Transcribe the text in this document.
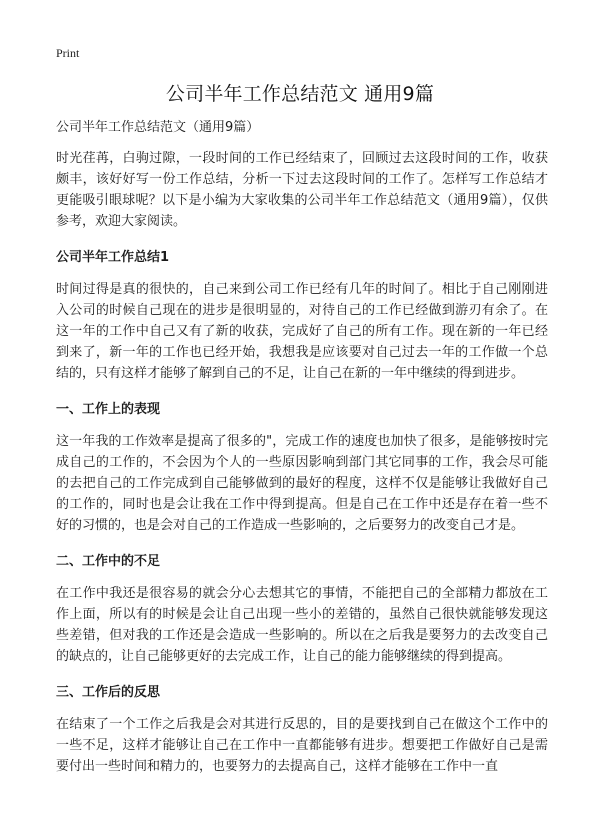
Print
公司半年工作总结范文 通用9篇
公司半年工作总结范文（通用9篇）

时光荏苒，白驹过隙，一段时间的工作已经结束了，回顾过去这段时间的工作，收获颇丰，该好好写一份工作总结，分析一下过去这段时间的工作了。怎样写工作总结才更能吸引眼球呢？以下是小编为大家收集的公司半年工作总结范文（通用9篇），仅供参考，欢迎大家阅读。

公司半年工作总结1

时间过得是真的很快的，自己来到公司工作已经有几年的时间了。相比于自己刚刚进入公司的时候自己现在的进步是很明显的，对待自己的工作已经做到游刃有余了。在这一年的工作中自己又有了新的收获，完成好了自己的所有工作。现在新的一年已经到来了，新一年的工作也已经开始，我想我是应该要对自己过去一年的工作做一个总结的，只有这样才能够了解到自己的不足，让自己在新的一年中继续的得到进步。

一、工作上的表现

这一年我的工作效率是提高了很多的"，完成工作的速度也加快了很多，是能够按时完成自己的工作的，不会因为个人的一些原因影响到部门其它同事的工作，我会尽可能的去把自己的工作完成到自己能够做到的最好的程度，这样不仅是能够让我做好自己的工作的，同时也是会让我在工作中得到提高。但是自己在工作中还是存在着一些不好的习惯的，也是会对自己的工作造成一些影响的，之后要努力的改变自己才是。

二、工作中的不足

在工作中我还是很容易的就会分心去想其它的事情，不能把自己的全部精力都放在工作上面，所以有的时候是会让自己出现一些小的差错的，虽然自己很快就能够发现这些差错，但对我的工作还是会造成一些影响的。所以在之后我是要努力的去改变自己的缺点的，让自己能够更好的去完成工作，让自己的能力能够继续的得到提高。

三、工作后的反思

在结束了一个工作之后我是会对其进行反思的，目的是要找到自己在做这个工作中的一些不足，这样才能够让自己在工作中一直都能够有进步。想要把工作做好自己是需要付出一些时间和精力的，也要努力的去提高自己，这样才能够在工作中一直
